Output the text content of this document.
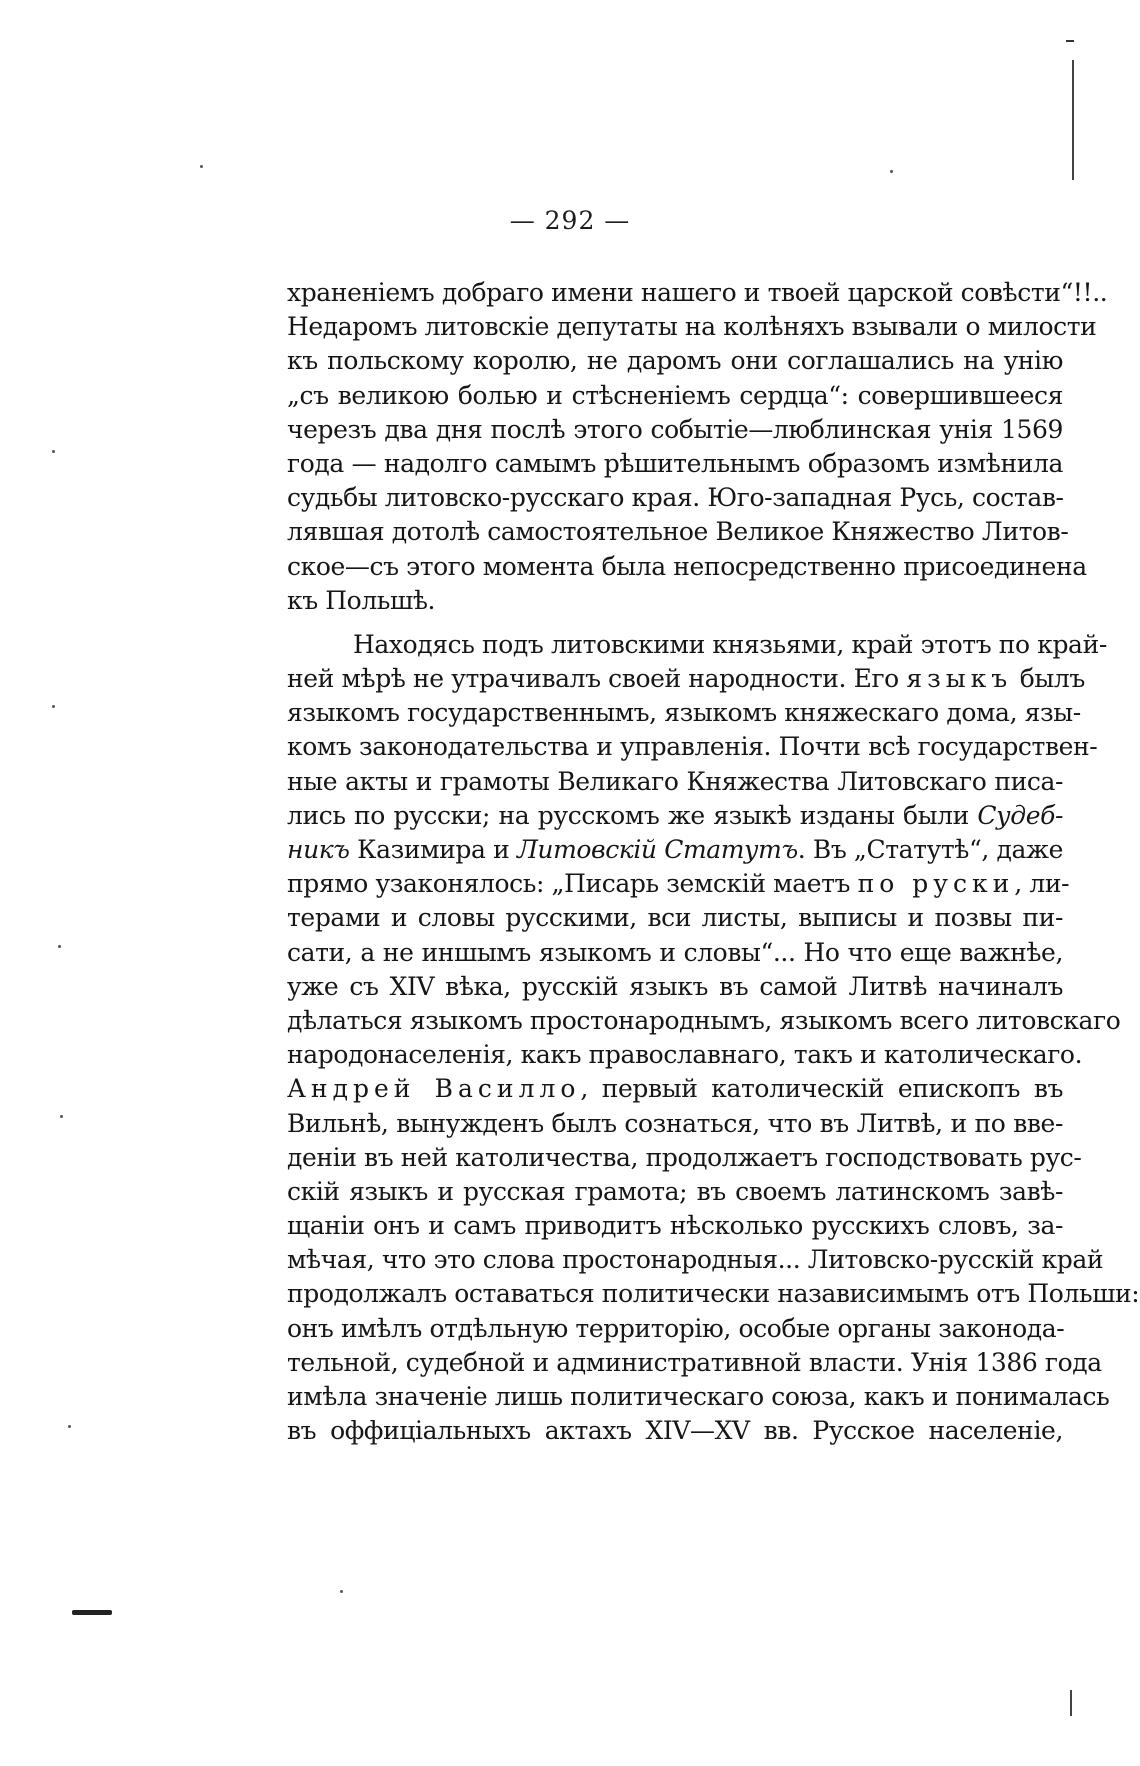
— 292 —
храненіемъ добраго имени нашего и твоей царской совѣсти“!!..
Недаромъ литовскіе депутаты на колѣняхъ взывали о милости
къ польскому королю, не даромъ они соглашались на унію
„съ великою болью и стѣсненіемъ сердца“: совершившееся
черезъ два дня послѣ этого событіе—люблинская унія 1569
года — надолго самымъ рѣшительнымъ образомъ измѣнила
судьбы литовско-русскаго края. Юго-западная Русь, состав-
лявшая дотолѣ самостоятельное Великое Княжество Литов-
ское—съ этого момента была непосредственно присоединена
къ Польшѣ.
Находясь подъ литовскими князьями, край этотъ по край-
ней мѣрѣ не утрачивалъ своей народности. Его языкъ былъ
языкомъ государственнымъ, языкомъ княжескаго дома, язы-
комъ законодательства и управленія. Почти всѣ государствен-
ные акты и грамоты Великаго Княжества Литовскаго писа-
лись по русски; на русскомъ же языкѣ изданы были Судеб-
никъ Казимира и Литовскій Статутъ. Въ „Статутѣ“, даже
прямо узаконялось: „Писарь земскій маетъ по руски, ли-
терами и словы русскими, вси листы, выписы и позвы пи-
сати, а не иншымъ языкомъ и словы“... Но что еще важнѣе,
уже съ XIV вѣка, русскій языкъ въ самой Литвѣ начиналъ
дѣлаться языкомъ простонароднымъ, языкомъ всего литовскаго
народонаселенія, какъ православнаго, такъ и католическаго.
Андрей Василло, первый католическій епископъ въ
Вильнѣ, вынужденъ былъ сознаться, что въ Литвѣ, и по вве-
деніи въ ней католичества, продолжаетъ господствовать рус-
скій языкъ и русская грамота; въ своемъ латинскомъ завѣ-
щаніи онъ и самъ приводитъ нѣсколько русскихъ словъ, за-
мѣчая, что это слова простонародныя... Литовско-русскій край
продолжалъ оставаться политически назависимымъ отъ Польши:
онъ имѣлъ отдѣльную территорію, особые органы законода-
тельной, судебной и административной власти. Унія 1386 года
имѣла значеніе лишь политическаго союза, какъ и понималась
въ оффиціальныхъ актахъ XIV—XV вв. Русское населеніе,
